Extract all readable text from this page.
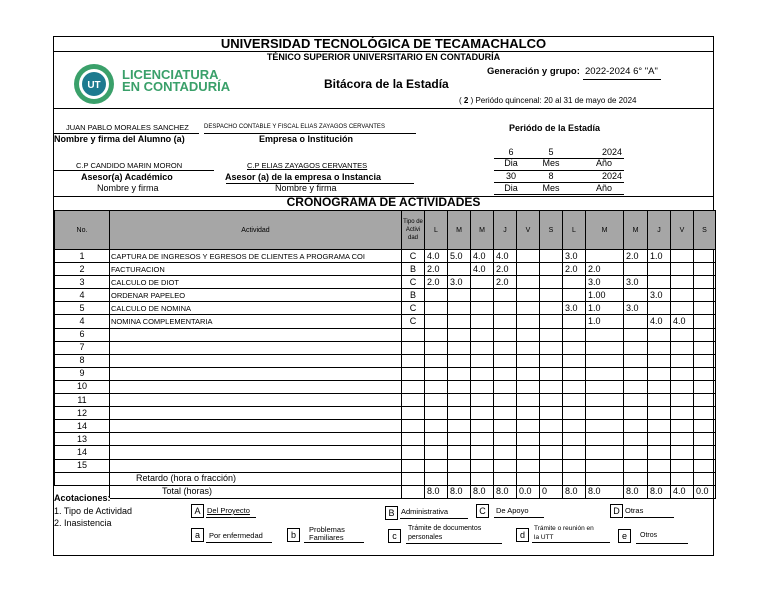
UNIVERSIDAD TECNOLÓGICA DE TECAMACHALCO
TÉNICO SUPERIOR UNIVERSITARIO EN CONTADURÍA
UT
LICENCIATURA
EN CONTADURÍA	Bitácora de la Estadía
Generación y grupo: 2022-2024 6° "A"
( 2 ) Periódo quincenal: 20 al 31 de mayo de 2024
JUAN PABLO MORALES SANCHEZ	DESPACHO CONTABLE Y FISCAL ELIAS ZAYAGOS CERVANTES
Nombre y firma del Alumno (a)	Empresa o Institución
Periódo de la Estadía
C.P CANDIDO MARIN MORON	C.P ELIAS ZAYAGOS CERVANTES
Asesor(a) Académico	Asesor (a) de la empresa o Instancia
Nombre y firma	Nombre y firma
6	5	2024
Dia	Mes	Año
30	8	2024
Dia	Mes	Año
CRONOGRAMA DE ACTIVIDADES
No.	Actividad	Tipo de Activi dad	L	M	M	J	V	S	L	M	M	J	V	S
1	CAPTURA DE INGRESOS Y EGRESOS DE CLIENTES A PROGRAMA COI	C	4.0	5.0	4.0	4.0			3.0		2.0	1.0		
2	FACTURACION	B	2.0		4.0	2.0			2.0	2.0				
3	CALCULO DE DIOT	C	2.0	3.0		2.0				3.0	3.0			
4	ORDENAR PAPELEO	B								1.00		3.0		
5	CALCULO DE NOMINA	C							3.0	1.0	3.0			
4	NOMINA COMPLEMENTARIA	C								1.0		4.0	4.0	
6														
7														
8														
9														
10														
11														
12														
14														
13														
14														
15														
	Retardo (hora o fracción)													
	Total (horas)		8.0	8.0	8.0	8.0	0.0	0	8.0	8.0	8.0	8.0	4.0	0.0
Acotaciones:
1. Tipo de Actividad
2. Inasistencia
A Del Proyecto	B Administrativa	C	De Apoyo	D Otras
a	Por enfermedad	b
Problemas
Familiares	c
Trámite de documentos
personales	d
Trámite o reunión en
la UTT	e	Otros
